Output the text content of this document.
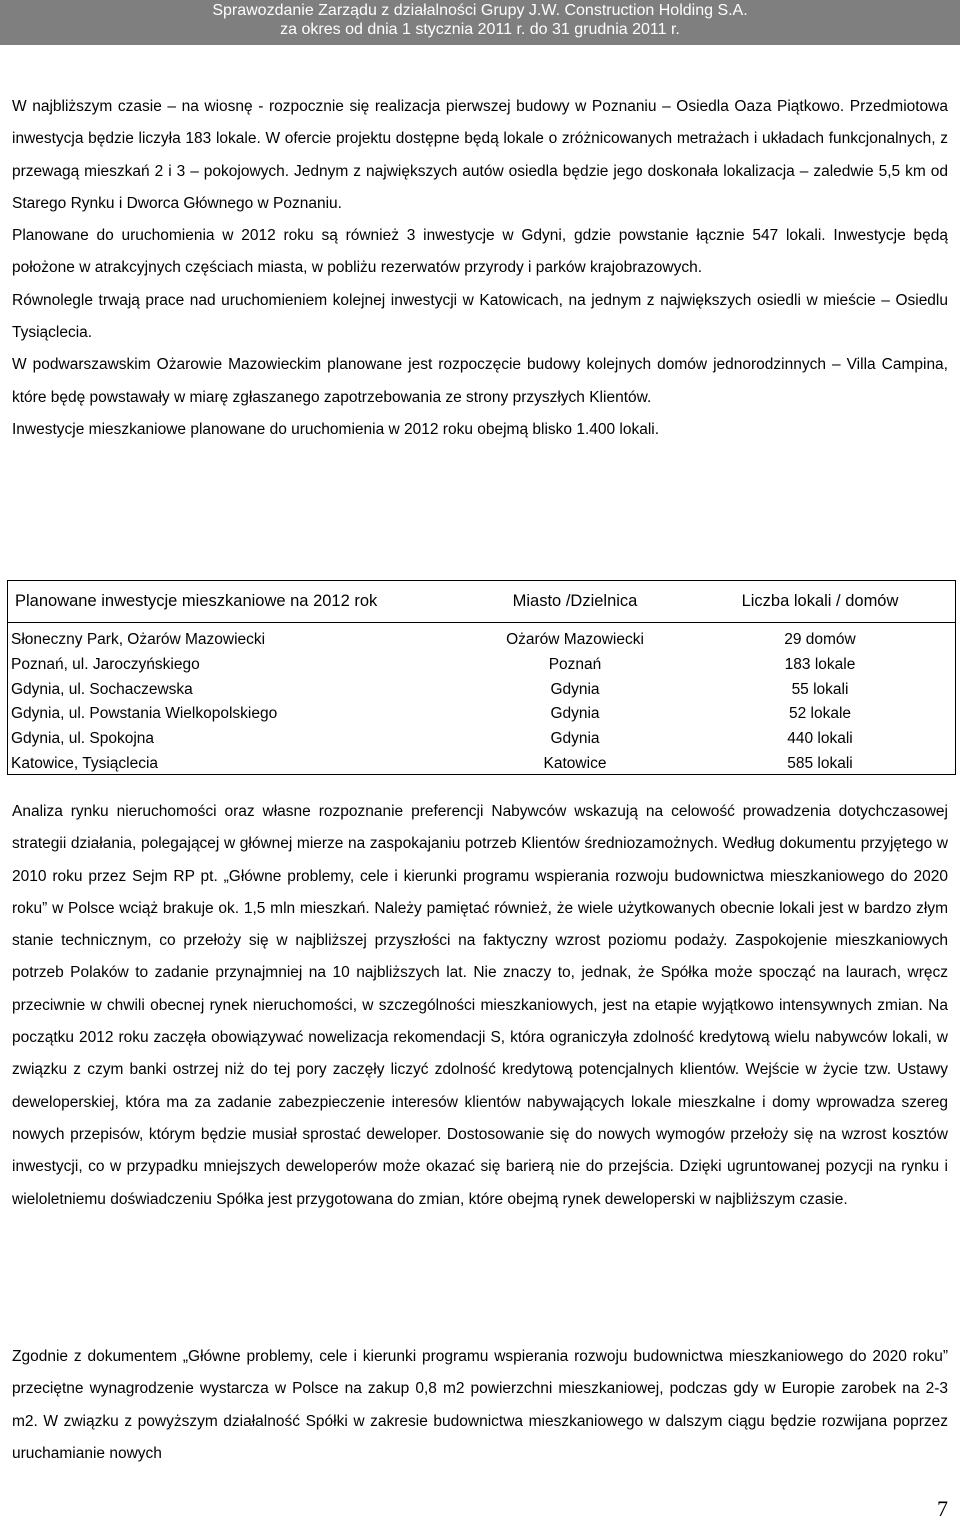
Sprawozdanie Zarządu z działalności Grupy J.W. Construction Holding S.A.
za okres od dnia 1 stycznia 2011 r. do 31 grudnia 2011 r.

W najbliższym czasie – na wiosnę - rozpocznie się realizacja pierwszej budowy w Poznaniu – Osiedla Oaza Piątkowo. Przedmiotowa inwestycja będzie liczyła 183 lokale. W ofercie projektu dostępne będą lokale o zróżnicowanych metrażach i układach funkcjonalnych, z przewagą mieszkań 2 i 3 – pokojowych. Jednym z największych autów osiedla będzie jego doskonała lokalizacja – zaledwie 5,5 km od Starego Rynku i Dworca Głównego w Poznaniu.

Planowane do uruchomienia w 2012 roku są również 3 inwestycje w Gdyni, gdzie powstanie łącznie 547 lokali. Inwestycje będą położone w atrakcyjnych częściach miasta, w pobliżu rezerwatów przyrody i parków krajobrazowych.

Równolegle trwają prace nad uruchomieniem kolejnej inwestycji w Katowicach, na jednym z największych osiedli w mieście – Osiedlu Tysiąclecia.

W podwarszawskim Ożarowie Mazowieckim planowane jest rozpoczęcie budowy kolejnych domów jednorodzinnych – Villa Campina, które będę powstawały w miarę zgłaszanego zapotrzebowania ze strony przyszłych Klientów.

Inwestycje mieszkaniowe planowane do uruchomienia w 2012 roku obejmą blisko 1.400 lokali.

Planowane inwestycje mieszkaniowe na 2012 rok	Miasto /Dzielnica	Liczba lokali / domów
Słoneczny Park, Ożarów Mazowiecki	Ożarów Mazowiecki	29 domów
Poznań, ul. Jaroczyńskiego	Poznań	183 lokale
Gdynia, ul. Sochaczewska	Gdynia	55 lokali
Gdynia, ul. Powstania Wielkopolskiego	Gdynia	52 lokale
Gdynia, ul. Spokojna	Gdynia	440 lokali
Katowice, Tysiąclecia	Katowice	585 lokali

Analiza rynku nieruchomości oraz własne rozpoznanie preferencji Nabywców wskazują na celowość prowadzenia dotychczasowej strategii działania, polegającej w głównej mierze na zaspokajaniu potrzeb Klientów średniozamożnych. Według dokumentu przyjętego w 2010 roku przez Sejm RP pt. „Główne problemy, cele i kierunki programu wspierania rozwoju budownictwa mieszkaniowego do 2020 roku” w Polsce wciąż brakuje ok. 1,5 mln mieszkań. Należy pamiętać również, że wiele użytkowanych obecnie lokali jest w bardzo złym stanie technicznym, co przełoży się w najbliższej przyszłości na faktyczny wzrost poziomu podaży. Zaspokojenie mieszkaniowych potrzeb Polaków to zadanie przynajmniej na 10 najbliższych lat. Nie znaczy to, jednak, że Spółka może spocząć na laurach, wręcz przeciwnie w chwili obecnej rynek nieruchomości, w szczególności mieszkaniowych, jest na etapie wyjątkowo intensywnych zmian. Na początku 2012 roku zaczęła obowiązywać nowelizacja rekomendacji S, która ograniczyła zdolność kredytową wielu nabywców lokali, w związku z czym banki ostrzej niż do tej pory zaczęły liczyć zdolność kredytową potencjalnych klientów. Wejście w życie tzw. Ustawy deweloperskiej, która ma za zadanie zabezpieczenie interesów klientów nabywających lokale mieszkalne i domy wprowadza szereg nowych przepisów, którym będzie musiał sprostać deweloper. Dostosowanie się do nowych wymogów przełoży się na wzrost kosztów inwestycji, co w przypadku mniejszych deweloperów może okazać się barierą nie do przejścia. Dzięki ugruntowanej pozycji na rynku i wieloletniemu doświadczeniu Spółka jest przygotowana do zmian, które obejmą rynek deweloperski w najbliższym czasie.

Zgodnie z dokumentem „Główne problemy, cele i kierunki programu wspierania rozwoju budownictwa mieszkaniowego do 2020 roku” przeciętne wynagrodzenie wystarcza w Polsce na zakup 0,8 m2 powierzchni mieszkaniowej, podczas gdy w Europie zarobek na 2-3 m2. W związku z powyższym działalność Spółki w zakresie budownictwa mieszkaniowego w dalszym ciągu będzie rozwijana poprzez uruchamianie nowych

7
